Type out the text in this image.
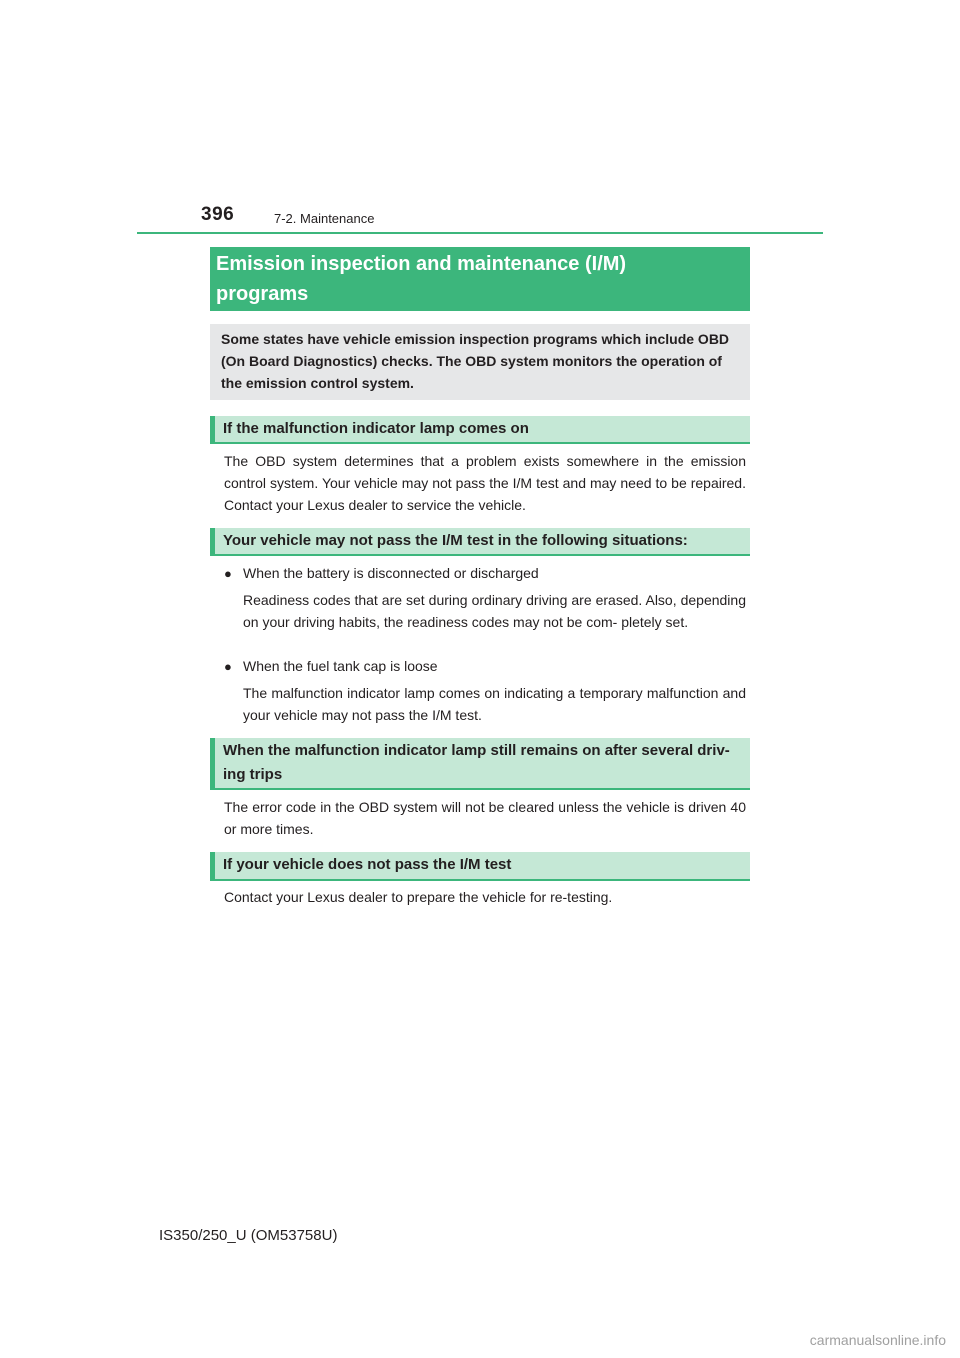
396	7-2. Maintenance
Emission inspection and maintenance (I/M)
programs
Some states have vehicle emission inspection programs which include OBD
(On Board Diagnostics) checks. The OBD system monitors the operation of
the emission control system.
If the malfunction indicator lamp comes on
The OBD system determines that a problem exists somewhere in the emission control system. Your vehicle may not pass the I/M test and may need to be repaired. Contact your Lexus dealer to service the vehicle.
Your vehicle may not pass the I/M test in the following situations:
● When the battery is disconnected or discharged
Readiness codes that are set during ordinary driving are erased. Also, depending on your driving habits, the readiness codes may not be com- pletely set.
● When the fuel tank cap is loose
The malfunction indicator lamp comes on indicating a temporary malfunction and your vehicle may not pass the I/M test.
When the malfunction indicator lamp still remains on after several driv- ing trips
The error code in the OBD system will not be cleared unless the vehicle is driven 40 or more times.
If your vehicle does not pass the I/M test
Contact your Lexus dealer to prepare the vehicle for re-testing.
IS350/250_U (OM53758U)
carmanualsonline.info
